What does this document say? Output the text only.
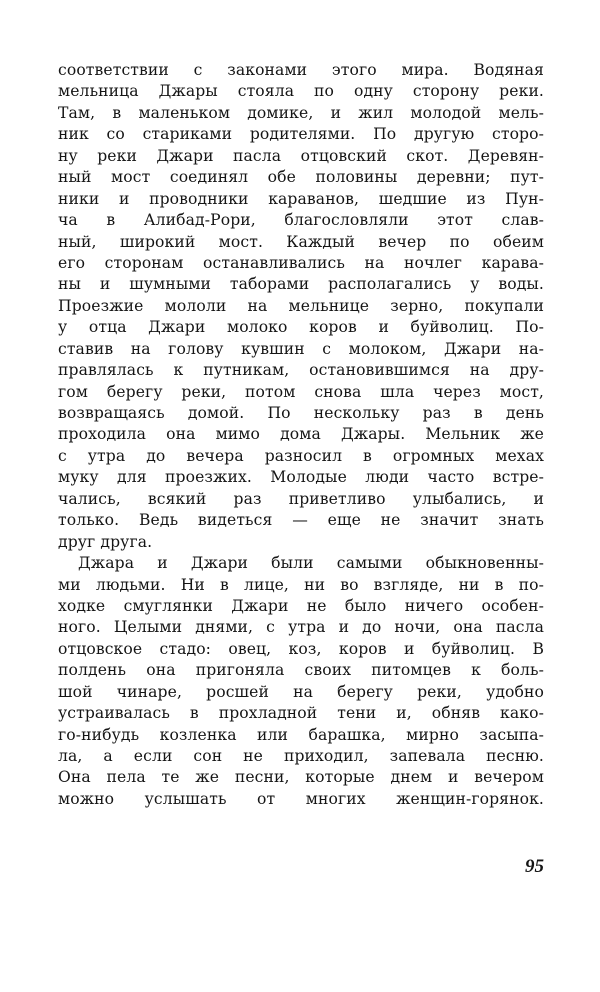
соответствии с законами этого мира. Водяная
мельница Джары стояла по одну сторону реки.
Там, в маленьком домике, и жил молодой мель-
ник со стариками родителями. По другую сторо-
ну реки Джари пасла отцовский скот. Деревян-
ный мост соединял обе половины деревни; пут-
ники и проводники караванов, шедшие из Пун-
ча в Алибад-Рори, благословляли этот слав-
ный, широкий мост. Каждый вечер по обеим
его сторонам останавливались на ночлег карава-
ны и шумными таборами располагались у воды.
Проезжие мололи на мельнице зерно, покупали
у отца Джари молоко коров и буйволиц. По-
ставив на голову кувшин с молоком, Джари на-
правлялась к путникам, остановившимся на дру-
гом берегу реки, потом снова шла через мост,
возвращаясь домой. По нескольку раз в день
проходила она мимо дома Джары. Мельник же
с утра до вечера разносил в огромных мехах
муку для проезжих. Молодые люди часто встре-
чались, всякий раз приветливо улыбались, и
только. Ведь видеться — еще не значит знать
друг друга.
Джара и Джари были самыми обыкновенны-
ми людьми. Ни в лице, ни во взгляде, ни в по-
ходке смуглянки Джари не было ничего особен-
ного. Целыми днями, с утра и до ночи, она пасла
отцовское стадо: овец, коз, коров и буйволиц. В
полдень она пригоняла своих питомцев к боль-
шой чинаре, росшей на берегу реки, удобно
устраивалась в прохладной тени и, обняв како-
го-нибудь козленка или барашка, мирно засыпа-
ла, а если сон не приходил, запевала песню.
Она пела те же песни, которые днем и вечером
можно услышать от многих женщин-горянок.
95
